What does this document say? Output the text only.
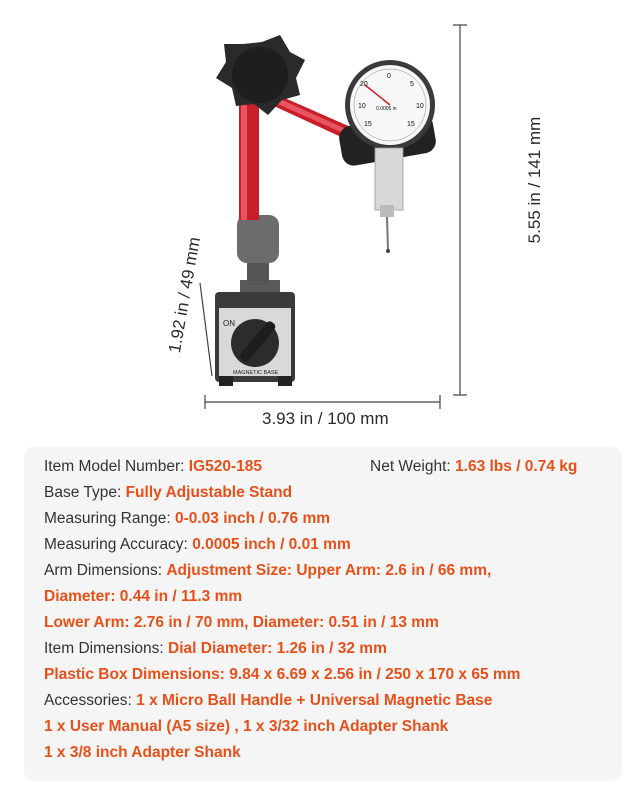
ON
MAGNETIC BASE
0
5
10
15
20
10
15
0.0005 in
3.93 in / 100 mm
5.55 in / 141 mm
1.92 in / 49 mm
Item Model Number: IG520-185	Net Weight: 1.63 lbs / 0.74 kg
Base Type: Fully Adjustable Stand
Measuring Range: 0-0.03 inch / 0.76 mm
Measuring Accuracy: 0.0005 inch / 0.01 mm
Arm Dimensions: Adjustment Size: Upper Arm: 2.6 in / 66 mm,
Diameter: 0.44 in / 11.3 mm
Lower Arm: 2.76 in / 70 mm, Diameter: 0.51 in / 13 mm
Item Dimensions: Dial Diameter: 1.26 in / 32 mm
Plastic Box Dimensions: 9.84 x 6.69 x 2.56 in / 250 x 170 x 65 mm
Accessories: 1 x Micro Ball Handle + Universal Magnetic Base
1 x User Manual (A5 size) , 1 x 3/32 inch Adapter Shank
1 x 3/8 inch Adapter Shank
